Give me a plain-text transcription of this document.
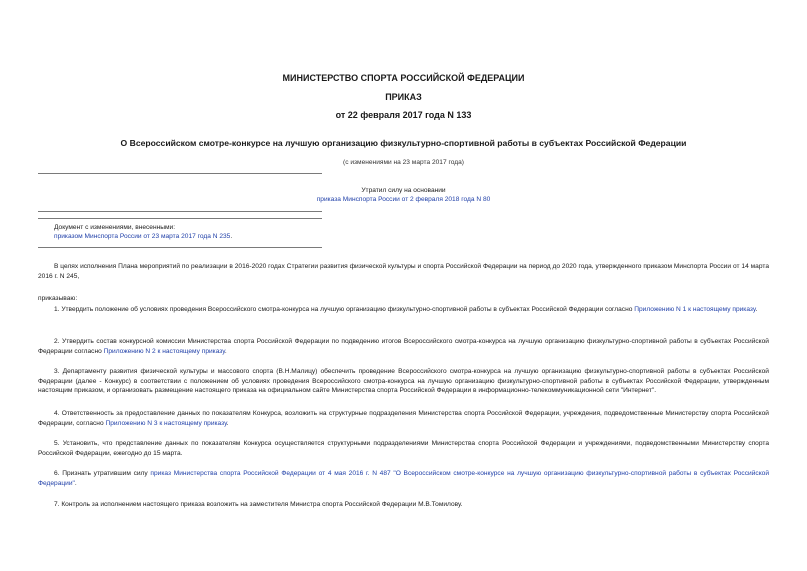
МИНИСТЕРСТВО СПОРТА РОССИЙСКОЙ ФЕДЕРАЦИИ
ПРИКАЗ
от 22 февраля 2017 года N 133
О Всероссийском смотре-конкурсе на лучшую организацию физкультурно-спортивной работы в субъектах Российской Федерации
(с изменениями на 23 марта 2017 года)
Утратил силу на основании
приказа Минспорта России от 2 февраля 2018 года N 80
Документ с изменениями, внесенными:
приказом Минспорта России от 23 марта 2017 года N 235.
В целях исполнения Плана мероприятий по реализации в 2016-2020 годах Стратегии развития физической культуры и спорта Российской Федерации на период до 2020 года, утвержденного приказом Минспорта России от 14 марта 2016 г. N 245,
приказываю:
1. Утвердить положение об условиях проведения Всероссийского смотра-конкурса на лучшую организацию физкультурно-спортивной работы в субъектах Российской Федерации согласно Приложению N 1 к настоящему приказу.
2. Утвердить состав конкурсной комиссии Министерства спорта Российской Федерации по подведению итогов Всероссийского смотра-конкурса на лучшую организацию физкультурно-спортивной работы в субъектах Российской Федерации согласно Приложению N 2 к настоящему приказу.
3. Департаменту развития физической культуры и массового спорта (В.Н.Малицу) обеспечить проведение Всероссийского смотра-конкурса на лучшую организацию физкультурно-спортивной работы в субъектах Российской Федерации (далее - Конкурс) в соответствии с положением об условиях проведения Всероссийского смотра-конкурса на лучшую организацию физкультурно-спортивной работы в субъектах Российской Федерации, утвержденным настоящим приказом, и организовать размещение настоящего приказа на официальном сайте Министерства спорта Российской Федерации в информационно-телекоммуникационной сети "Интернет".
4. Ответственность за предоставление данных по показателям Конкурса, возложить на структурные подразделения Министерства спорта Российской Федерации, учреждения, подведомственные Министерству спорта Российской Федерации, согласно Приложению N 3 к настоящему приказу.
5. Установить, что представление данных по показателям Конкурса осуществляется структурными подразделениями Министерства спорта Российской Федерации и учреждениями, подведомственными Министерству спорта Российской Федерации, ежегодно до 15 марта.
6. Признать утратившим силу приказ Министерства спорта Российской Федерации от 4 мая 2016 г. N 487 "О Всероссийском смотре-конкурсе на лучшую организацию физкультурно-спортивной работы в субъектах Российской Федерации".
7. Контроль за исполнением настоящего приказа возложить на заместителя Министра спорта Российской Федерации М.В.Томилову.
